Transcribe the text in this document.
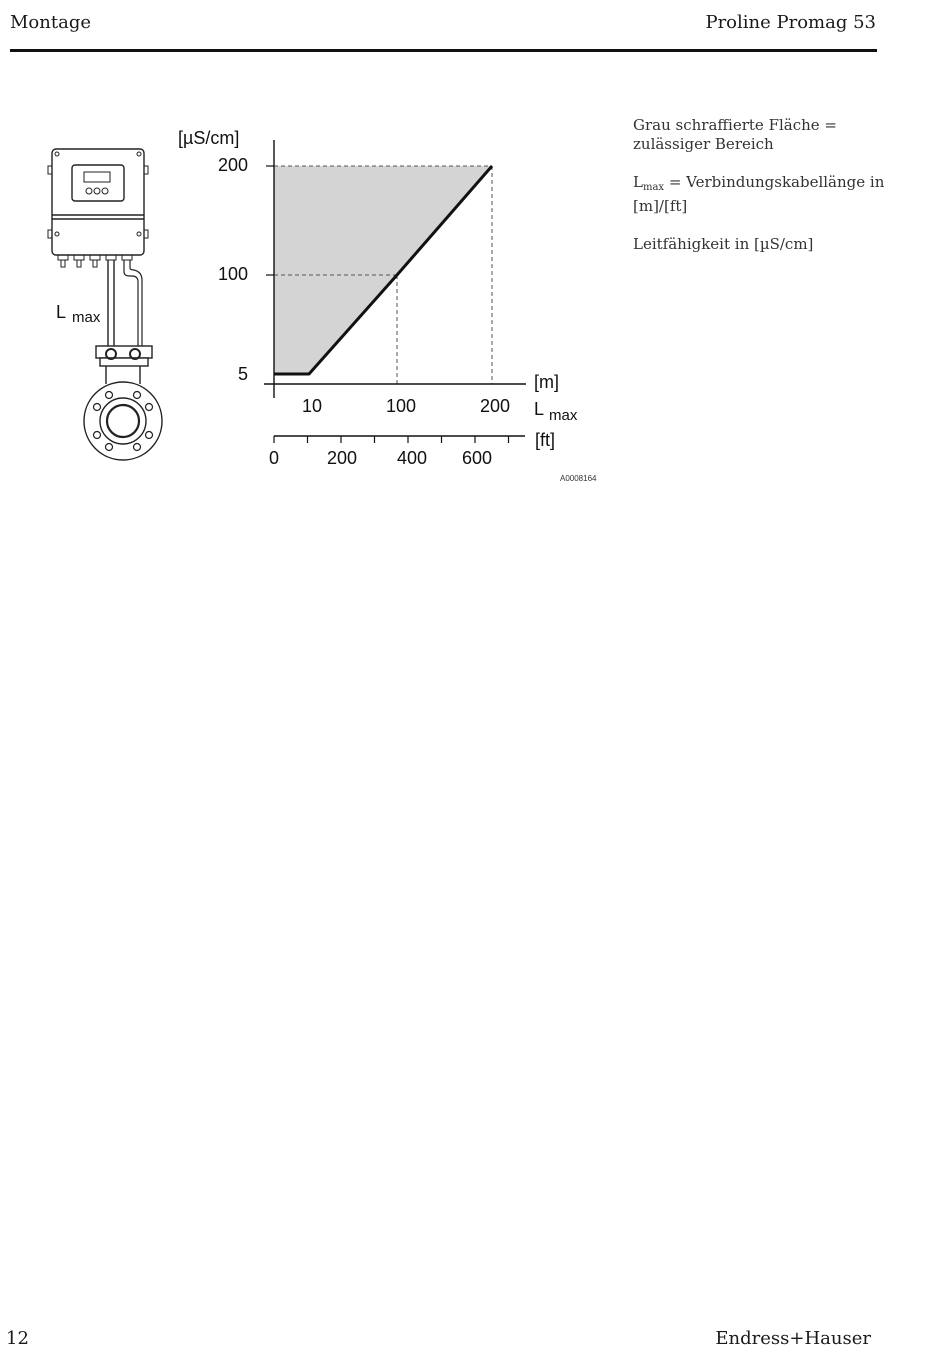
Montage	Proline Promag 53
L max
[µS/cm]
200
100
5
10	100	200
[m]
L max
0	200 400 600
[ft]
A0008164

Grau schraffierte Fläche = zulässiger Bereich

$L_{max}$ = Verbindungskabellänge in [m]/[ft]

Leitfähigkeit in [µS/cm]

12	Endress+Hauser
